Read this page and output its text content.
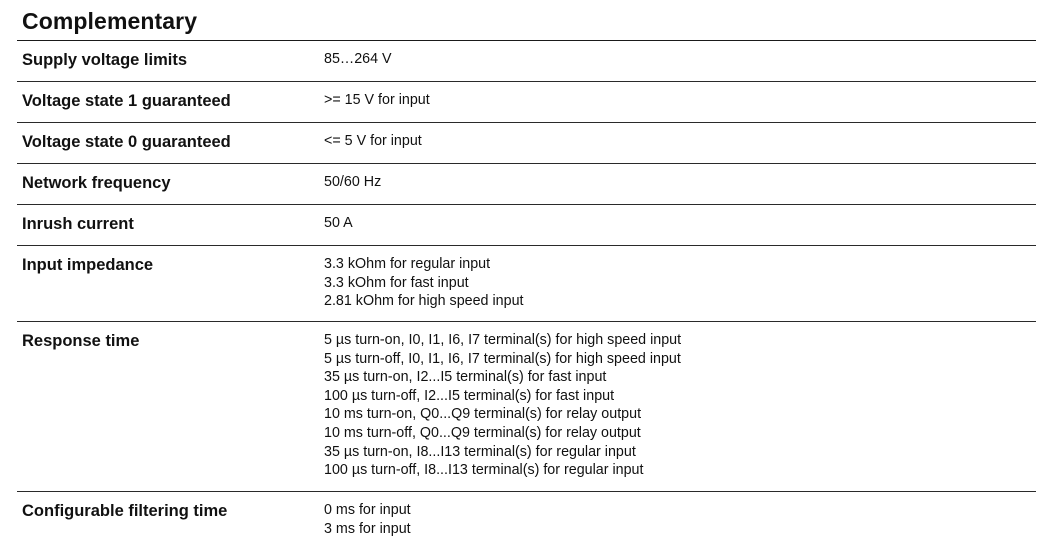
Complementary
Supply voltage limits	85…264 V
Voltage state 1 guaranteed	>= 15 V for input
Voltage state 0 guaranteed	<= 5 V for input
Network frequency	50/60 Hz
Inrush current	50 A
Input impedance	3.3 kOhm for regular input
3.3 kOhm for fast input
2.81 kOhm for high speed input
Response time	5 µs turn-on, I0, I1, I6, I7 terminal(s) for high speed input
5 µs turn-off, I0, I1, I6, I7 terminal(s) for high speed input
35 µs turn-on, I2...I5 terminal(s) for fast input
100 µs turn-off, I2...I5 terminal(s) for fast input
10 ms turn-on, Q0...Q9 terminal(s) for relay output
10 ms turn-off, Q0...Q9 terminal(s) for relay output
35 µs turn-on, I8...I13 terminal(s) for regular input
100 µs turn-off, I8...I13 terminal(s) for regular input
Configurable filtering time	0 ms for input
3 ms for input
